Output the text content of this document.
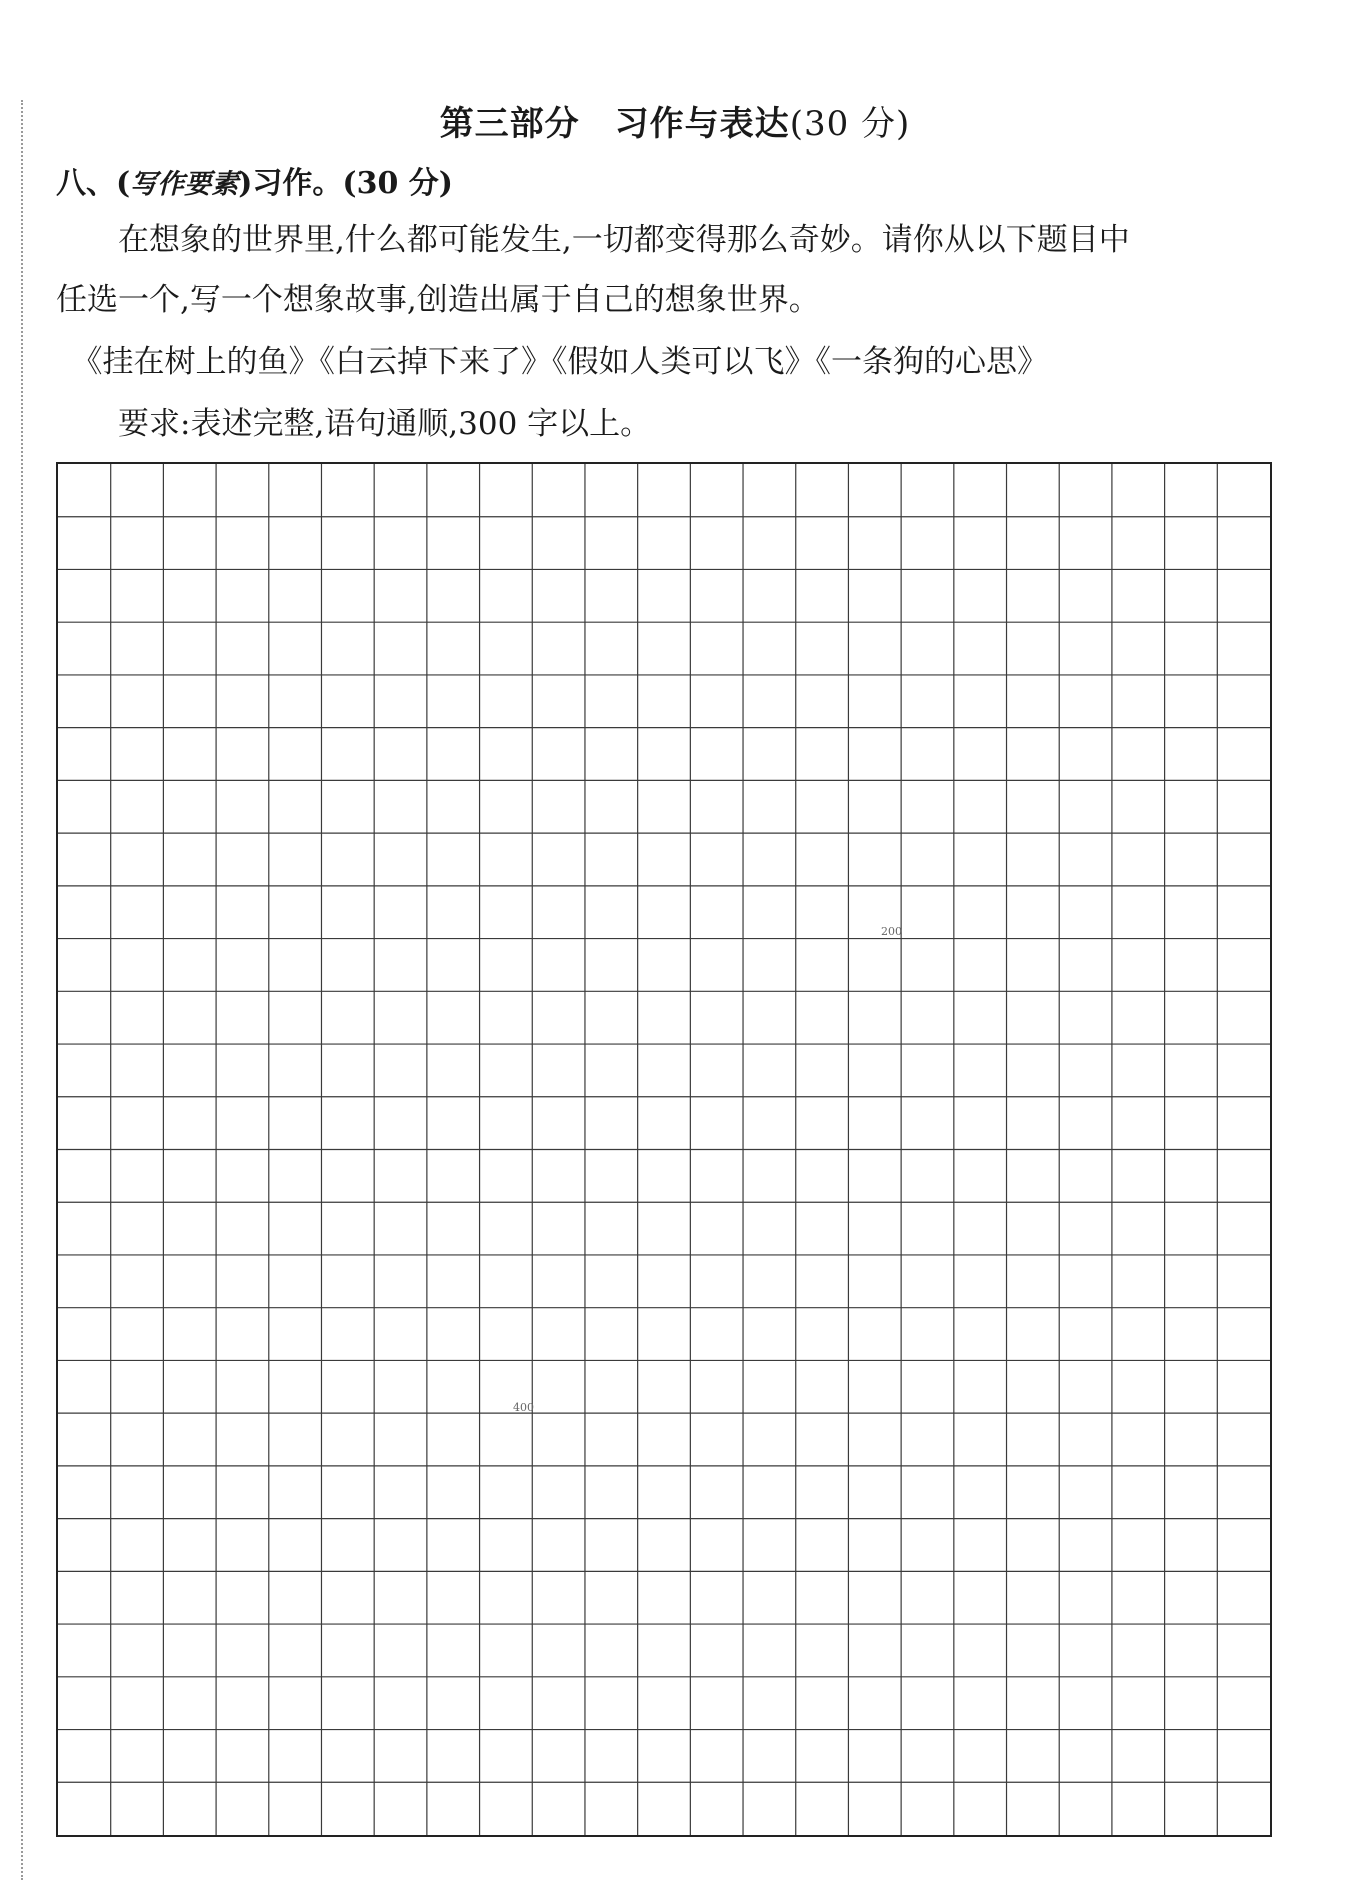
第三部分　习作与表达(30 分)
八、(写作要素)习作。(30 分)
　　在想象的世界里,什么都可能发生,一切都变得那么奇妙。请你从以下题目中
任选一个,写一个想象故事,创造出属于自己的想象世界。
　《挂在树上的鱼》《白云掉下来了》《假如人类可以飞》《一条狗的心思》
　　要求:表述完整,语句通顺,300 字以上。
200
400
